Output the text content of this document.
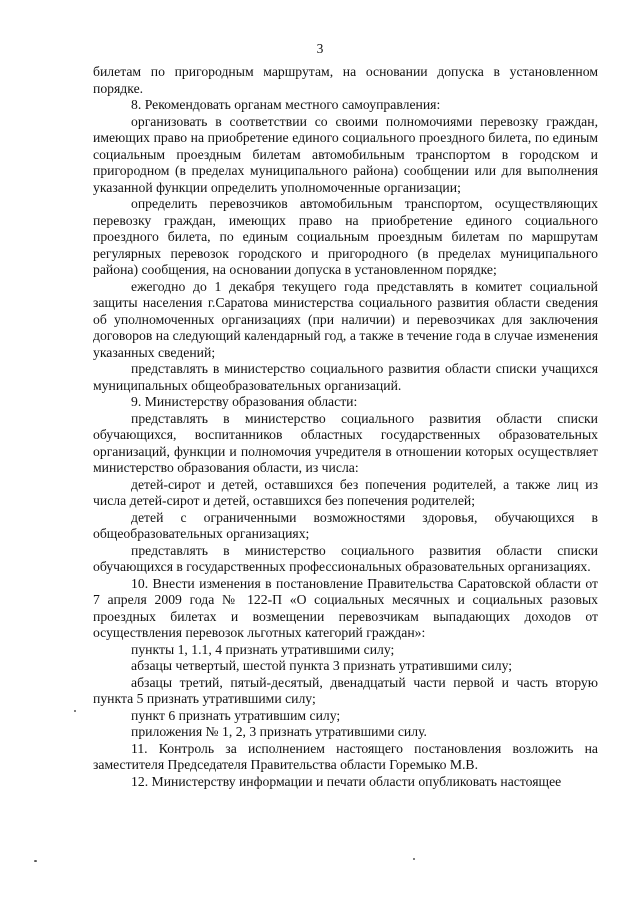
3

билетам по пригородным маршрутам, на основании допуска в установленном порядке.

8. Рекомендовать органам местного самоуправления:

организовать в соответствии со своими полномочиями перевозку граждан, имеющих право на приобретение единого социального проездного билета, по единым социальным проездным билетам автомобильным транспортом в городском и пригородном (в пределах муниципального района) сообщении или для выполнения указанной функции определить уполномоченные организации;

определить перевозчиков автомобильным транспортом, осуществляющих перевозку граждан, имеющих право на приобретение единого социального проездного билета, по единым социальным проездным билетам по маршрутам регулярных перевозок городского и пригородного (в пределах муниципального района) сообщения, на основании допуска в установленном порядке;

ежегодно до 1 декабря текущего года представлять в комитет социальной защиты населения г.Саратова министерства социального развития области сведения об уполномоченных организациях (при наличии) и перевозчиках для заключения договоров на следующий календарный год, а также в течение года в случае изменения указанных сведений;

представлять в министерство социального развития области списки учащихся муниципальных общеобразовательных организаций.

9. Министерству образования области:

представлять в министерство социального развития области списки обучающихся, воспитанников областных государственных образовательных организаций, функции и полномочия учредителя в отношении которых осуществляет министерство образования области, из числа:

детей-сирот и детей, оставшихся без попечения родителей, а также лиц из числа детей-сирот и детей, оставшихся без попечения родителей;

детей с ограниченными возможностями здоровья, обучающихся в общеобразовательных организациях;

представлять в министерство социального развития области списки обучающихся в государственных профессиональных образовательных организациях.

10. Внести изменения в постановление Правительства Саратовской области от 7 апреля 2009 года № 122-П «О социальных месячных и социальных разовых проездных билетах и возмещении перевозчикам выпадающих доходов от осуществления перевозок льготных категорий граждан»:

пункты 1, 1.1, 4 признать утратившими силу;

абзацы четвертый, шестой пункта 3 признать утратившими силу;

абзацы третий, пятый-десятый, двенадцатый части первой и часть вторую пункта 5 признать утратившими силу;

пункт 6 признать утратившим силу;

приложения № 1, 2, 3 признать утратившими силу.

11. Контроль за исполнением настоящего постановления возложить на заместителя Председателя Правительства области Горемыко М.В.

12. Министерству информации и печати области опубликовать настоящее
